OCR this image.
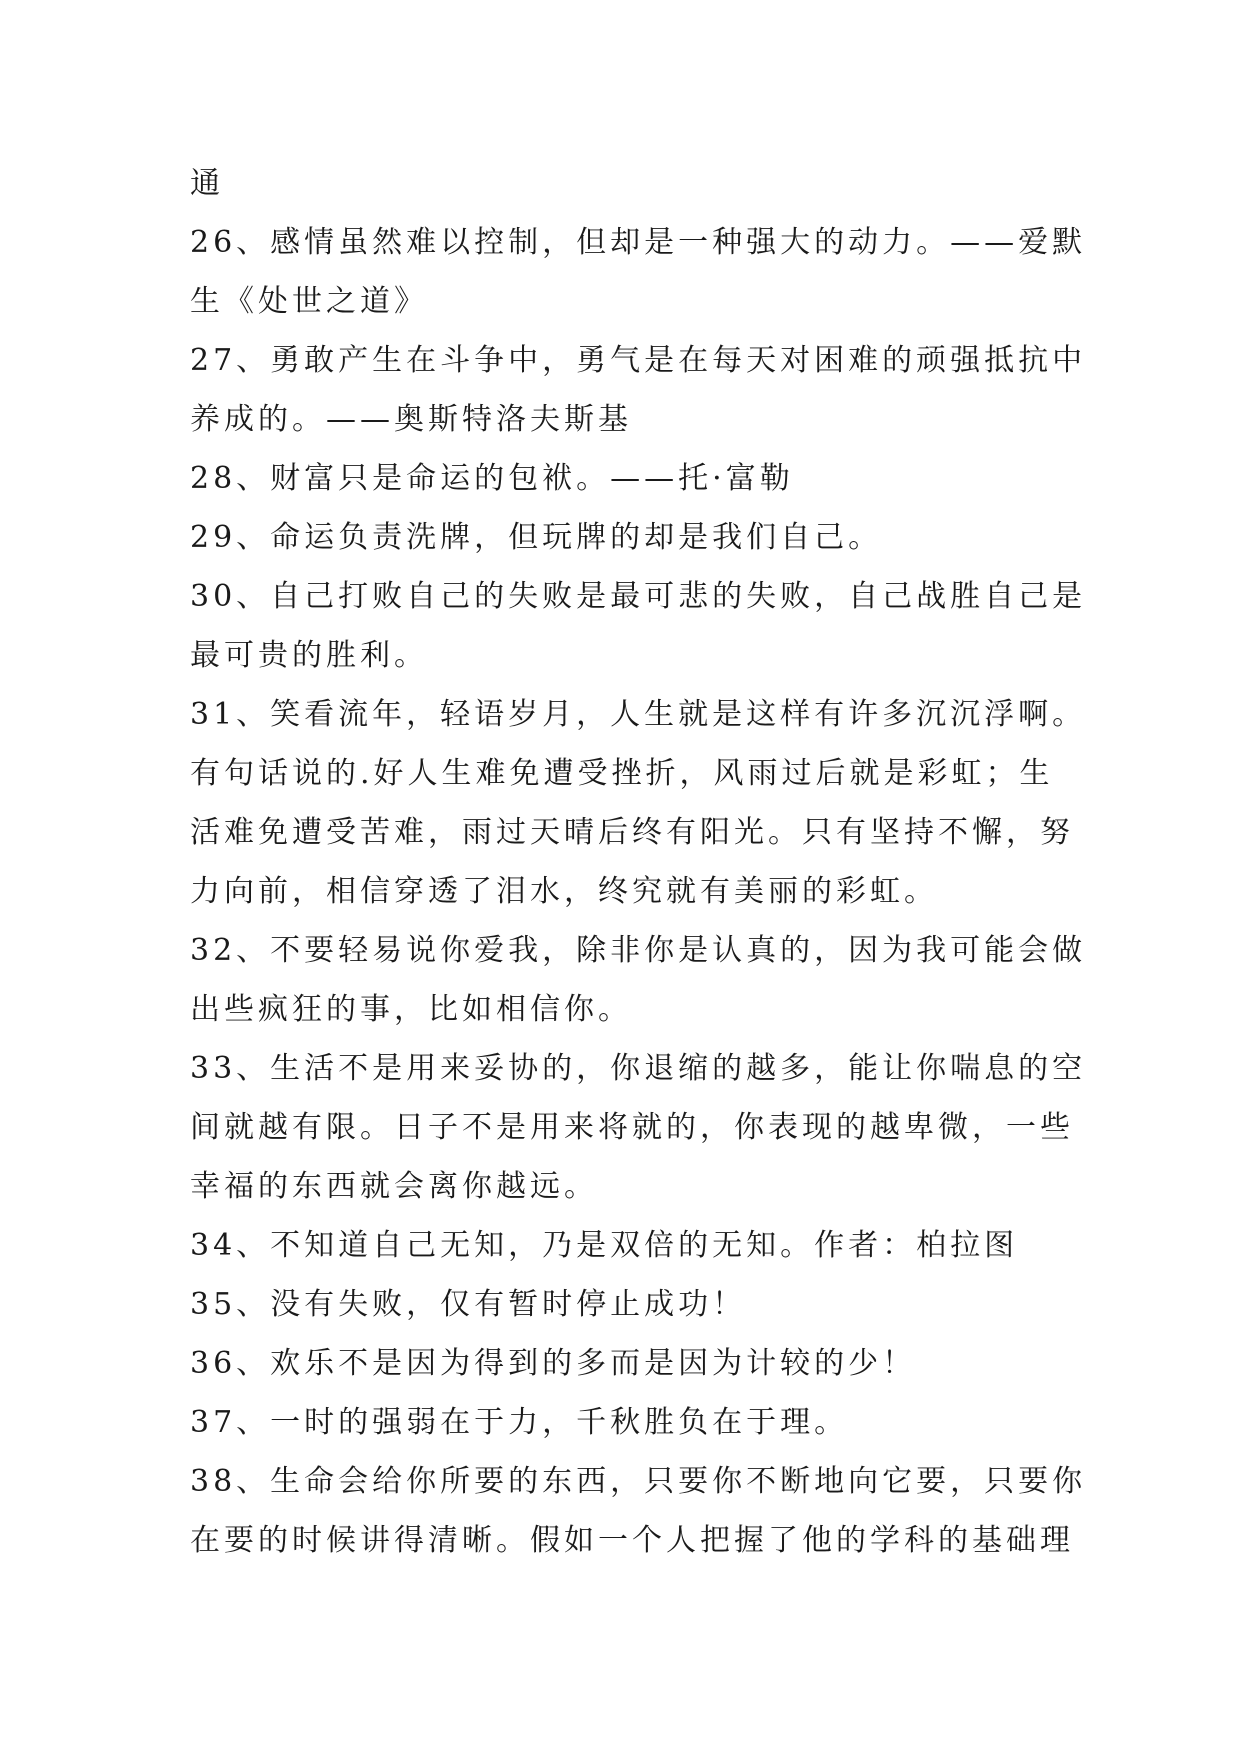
通
26、感情虽然难以控制，但却是一种强大的动力。——爱默
生《处世之道》
27、勇敢产生在斗争中，勇气是在每天对困难的顽强抵抗中
养成的。——奥斯特洛夫斯基
28、财富只是命运的包袱。——托·富勒
29、命运负责洗牌，但玩牌的却是我们自己。
30、自己打败自己的失败是最可悲的失败，自己战胜自己是
最可贵的胜利。
31、笑看流年，轻语岁月，人生就是这样有许多沉沉浮啊。
有句话说的.好人生难免遭受挫折，风雨过后就是彩虹；生
活难免遭受苦难，雨过天晴后终有阳光。只有坚持不懈，努
力向前，相信穿透了泪水，终究就有美丽的彩虹。
32、不要轻易说你爱我，除非你是认真的，因为我可能会做
出些疯狂的事，比如相信你。
33、生活不是用来妥协的，你退缩的越多，能让你喘息的空
间就越有限。日子不是用来将就的，你表现的越卑微，一些
幸福的东西就会离你越远。
34、不知道自己无知，乃是双倍的无知。作者：柏拉图
35、没有失败，仅有暂时停止成功！
36、欢乐不是因为得到的多而是因为计较的少！
37、一时的强弱在于力，千秋胜负在于理。
38、生命会给你所要的东西，只要你不断地向它要，只要你
在要的时候讲得清晰。假如一个人把握了他的学科的基础理
